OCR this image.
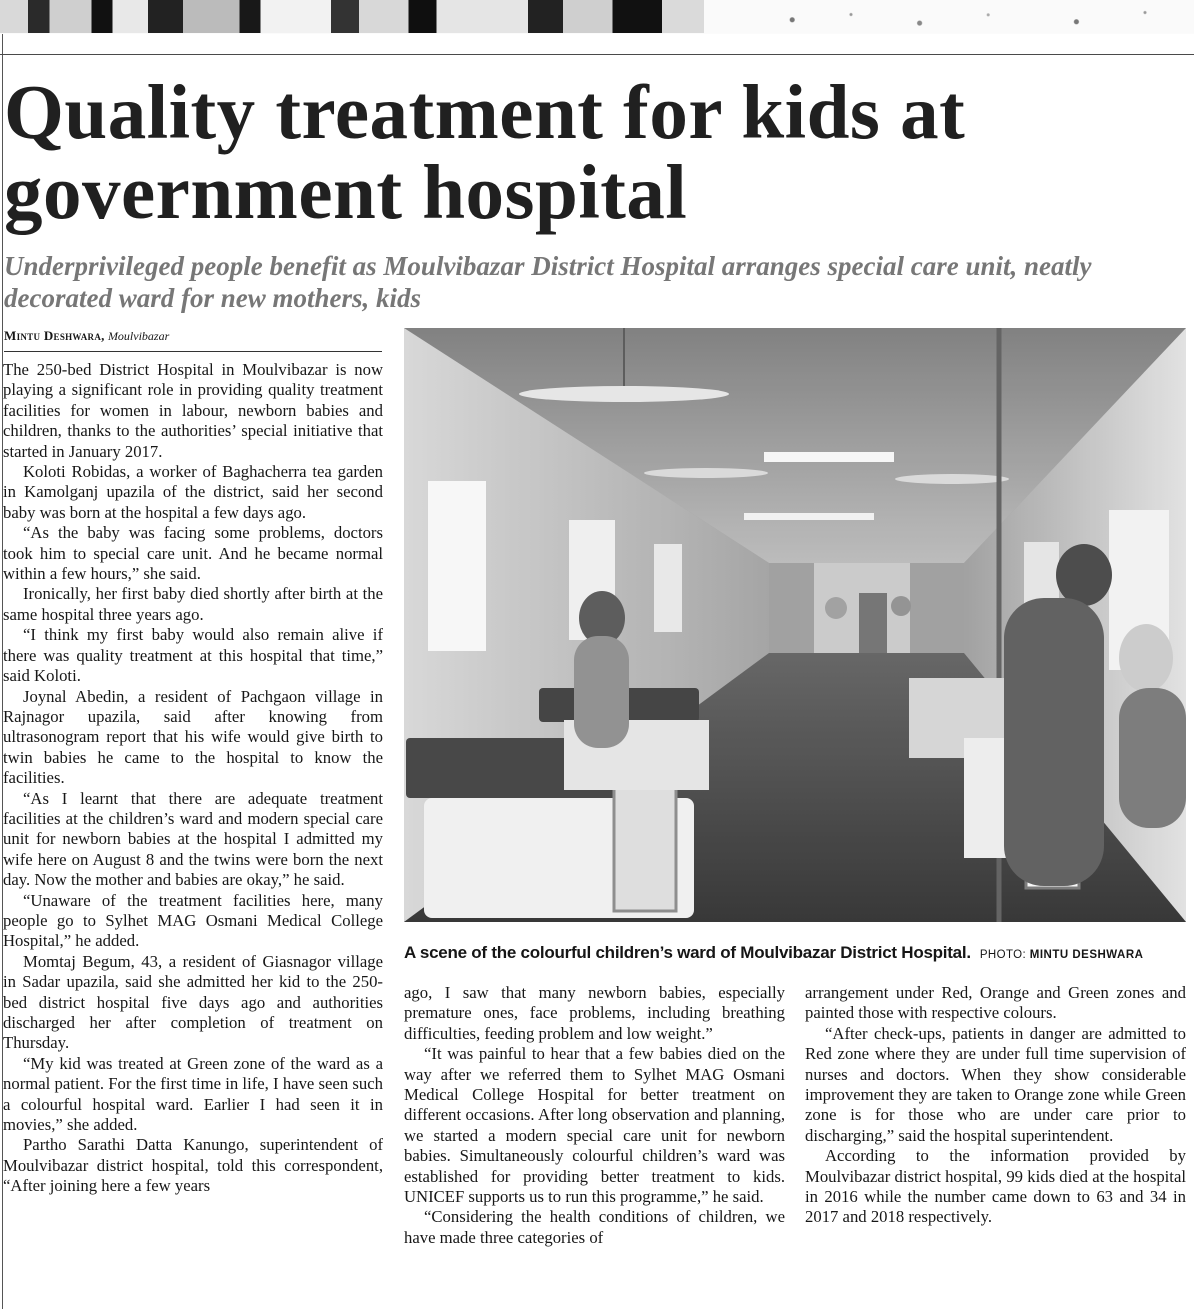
Quality treatment for kids at government hospital
Underprivileged people benefit as Moulvibazar District Hospital arranges special care unit, neatly decorated ward for new mothers, kids
Mintu Deshwara, Moulvibazar

The 250-bed District Hospital in Moulvibazar is now playing a significant role in providing quality treatment facilities for women in labour, newborn babies and children, thanks to the authorities’ special initiative that started in January 2017.

Koloti Robidas, a worker of Baghacherra tea garden in Kamolganj upazila of the district, said her second baby was born at the hospital a few days ago.

“As the baby was facing some problems, doctors took him to special care unit. And he became normal within a few hours,” she said.

Ironically, her first baby died shortly after birth at the same hospital three years ago.

“I think my first baby would also remain alive if there was quality treatment at this hospital that time,” said Koloti.

Joynal Abedin, a resident of Pachgaon village in Rajnagor upazila, said after knowing from ultrasonogram report that his wife would give birth to twin babies he came to the hospital to know the facilities.

“As I learnt that there are adequate treatment facilities at the children’s ward and modern special care unit for newborn babies at the hospital I admitted my wife here on August 8 and the twins were born the next day. Now the mother and babies are okay,” he said.

“Unaware of the treatment facilities here, many people go to Sylhet MAG Osmani Medical College Hospital,” he added.

Momtaj Begum, 43, a resident of Giasnagor village in Sadar upazila, said she admitted her kid to the 250-bed district hospital five days ago and authorities discharged her after completion of treatment on Thursday.

“My kid was treated at Green zone of the ward as a normal patient. For the first time in life, I have seen such a colourful hospital ward. Earlier I had seen it in movies,” she added.

Partho Sarathi Datta Kanungo, superintendent of Moulvibazar district hospital, told this correspondent, “After joining here a few years

A scene of the colourful children’s ward of Moulvibazar District Hospital. PHOTO: MINTU DESHWARA

ago, I saw that many newborn babies, especially premature ones, face problems, including breathing difficulties, feeding problem and low weight.”

“It was painful to hear that a few babies died on the way after we referred them to Sylhet MAG Osmani Medical College Hospital for better treatment on different occasions. After long observation and planning, we started a modern special care unit for newborn babies. Simultaneously colourful children’s ward was established for providing better treatment to kids. UNICEF supports us to run this programme,” he said.

“Considering the health conditions of children, we have made three categories of

arrangement under Red, Orange and Green zones and painted those with respective colours.

“After check-ups, patients in danger are admitted to Red zone where they are under full time supervision of nurses and doctors. When they show considerable improvement they are taken to Orange zone while Green zone is for those who are under care prior to discharging,” said the hospital superintendent.

According to the information provided by Moulvibazar district hospital, 99 kids died at the hospital in 2016 while the number came down to 63 and 34 in 2017 and 2018 respectively.
